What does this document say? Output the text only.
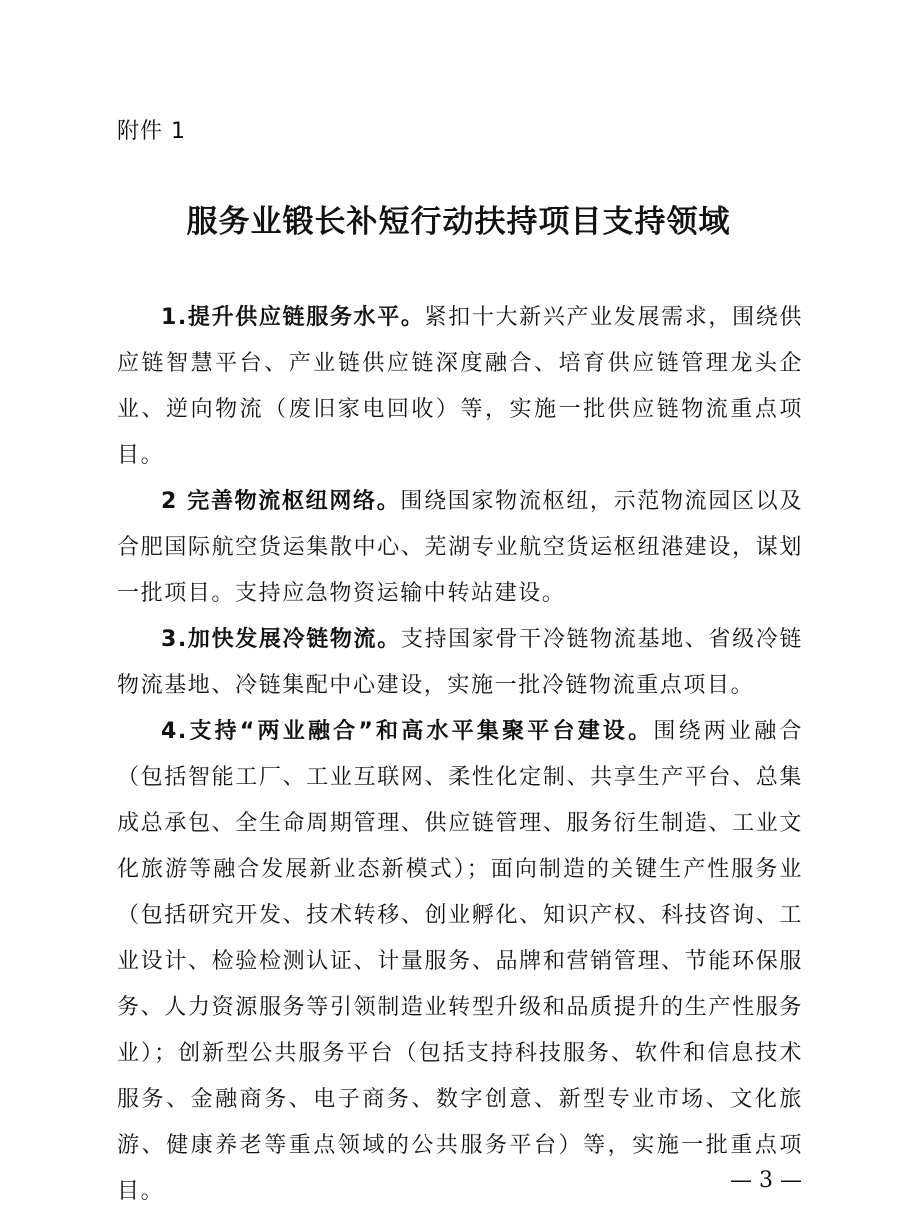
附件 1
服务业锻长补短行动扶持项目支持领域

1.提升供应链服务水平。紧扣十大新兴产业发展需求，围绕供应链智慧平台、产业链供应链深度融合、培育供应链管理龙头企业、逆向物流（废旧家电回收）等，实施一批供应链物流重点项目。

2 完善物流枢纽网络。围绕国家物流枢纽，示范物流园区以及合肥国际航空货运集散中心、芜湖专业航空货运枢纽港建设，谋划一批项目。支持应急物资运输中转站建设。

3.加快发展冷链物流。支持国家骨干冷链物流基地、省级冷链物流基地、冷链集配中心建设，实施一批冷链物流重点项目。

4.支持“两业融合”和高水平集聚平台建设。围绕两业融合（包括智能工厂、工业互联网、柔性化定制、共享生产平台、总集成总承包、全生命周期管理、供应链管理、服务衍生制造、工业文化旅游等融合发展新业态新模式）；面向制造的关键生产性服务业（包括研究开发、技术转移、创业孵化、知识产权、科技咨询、工业设计、检验检测认证、计量服务、品牌和营销管理、节能环保服务、人力资源服务等引领制造业转型升级和品质提升的生产性服务业）；创新型公共服务平台（包括支持科技服务、软件和信息技术服务、金融商务、电子商务、数字创意、新型专业市场、文化旅游、健康养老等重点领域的公共服务平台）等，实施一批重点项目。	— 3 —
